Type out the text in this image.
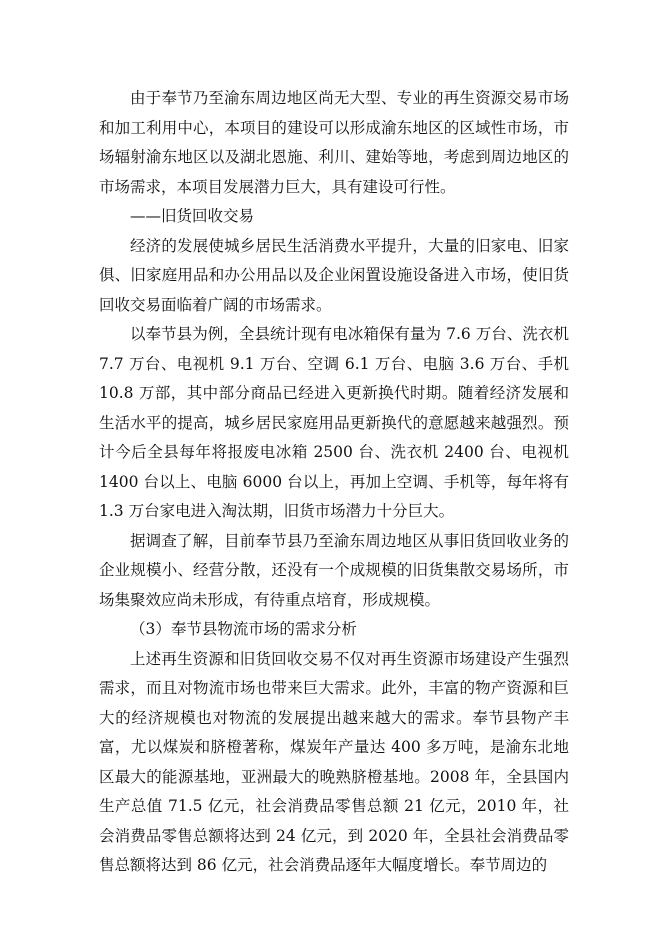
由于奉节乃至渝东周边地区尚无大型、专业的再生资源交易市场和加工利用中心，本项目的建设可以形成渝东地区的区域性市场，市场辐射渝东地区以及湖北恩施、利川、建始等地，考虑到周边地区的市场需求，本项目发展潜力巨大，具有建设可行性。

——旧货回收交易

经济的发展使城乡居民生活消费水平提升，大量的旧家电、旧家俱、旧家庭用品和办公用品以及企业闲置设施设备进入市场，使旧货回收交易面临着广阔的市场需求。

以奉节县为例，全县统计现有电冰箱保有量为 7.6 万台、洗衣机 7.7 万台、电视机 9.1 万台、空调 6.1 万台、电脑 3.6 万台、手机 10.8 万部，其中部分商品已经进入更新换代时期。随着经济发展和生活水平的提高，城乡居民家庭用品更新换代的意愿越来越强烈。预计今后全县每年将报废电冰箱 2500 台、洗衣机 2400 台、电视机 1400 台以上、电脑 6000 台以上，再加上空调、手机等，每年将有 1.3 万台家电进入淘汰期，旧货市场潜力十分巨大。

据调查了解，目前奉节县乃至渝东周边地区从事旧货回收业务的企业规模小、经营分散，还没有一个成规模的旧货集散交易场所，市场集聚效应尚未形成，有待重点培育，形成规模。

（3）奉节县物流市场的需求分析

上述再生资源和旧货回收交易不仅对再生资源市场建设产生强烈需求，而且对物流市场也带来巨大需求。此外，丰富的物产资源和巨大的经济规模也对物流的发展提出越来越大的需求。奉节县物产丰富，尤以煤炭和脐橙著称，煤炭年产量达 400 多万吨，是渝东北地区最大的能源基地，亚洲最大的晚熟脐橙基地。2008 年，全县国内生产总值 71.5 亿元，社会消费品零售总额 21 亿元，2010 年，社会消费品零售总额将达到 24 亿元，到 2020 年，全县社会消费品零售总额将达到 86 亿元，社会消费品逐年大幅度增长。奉节周边的
